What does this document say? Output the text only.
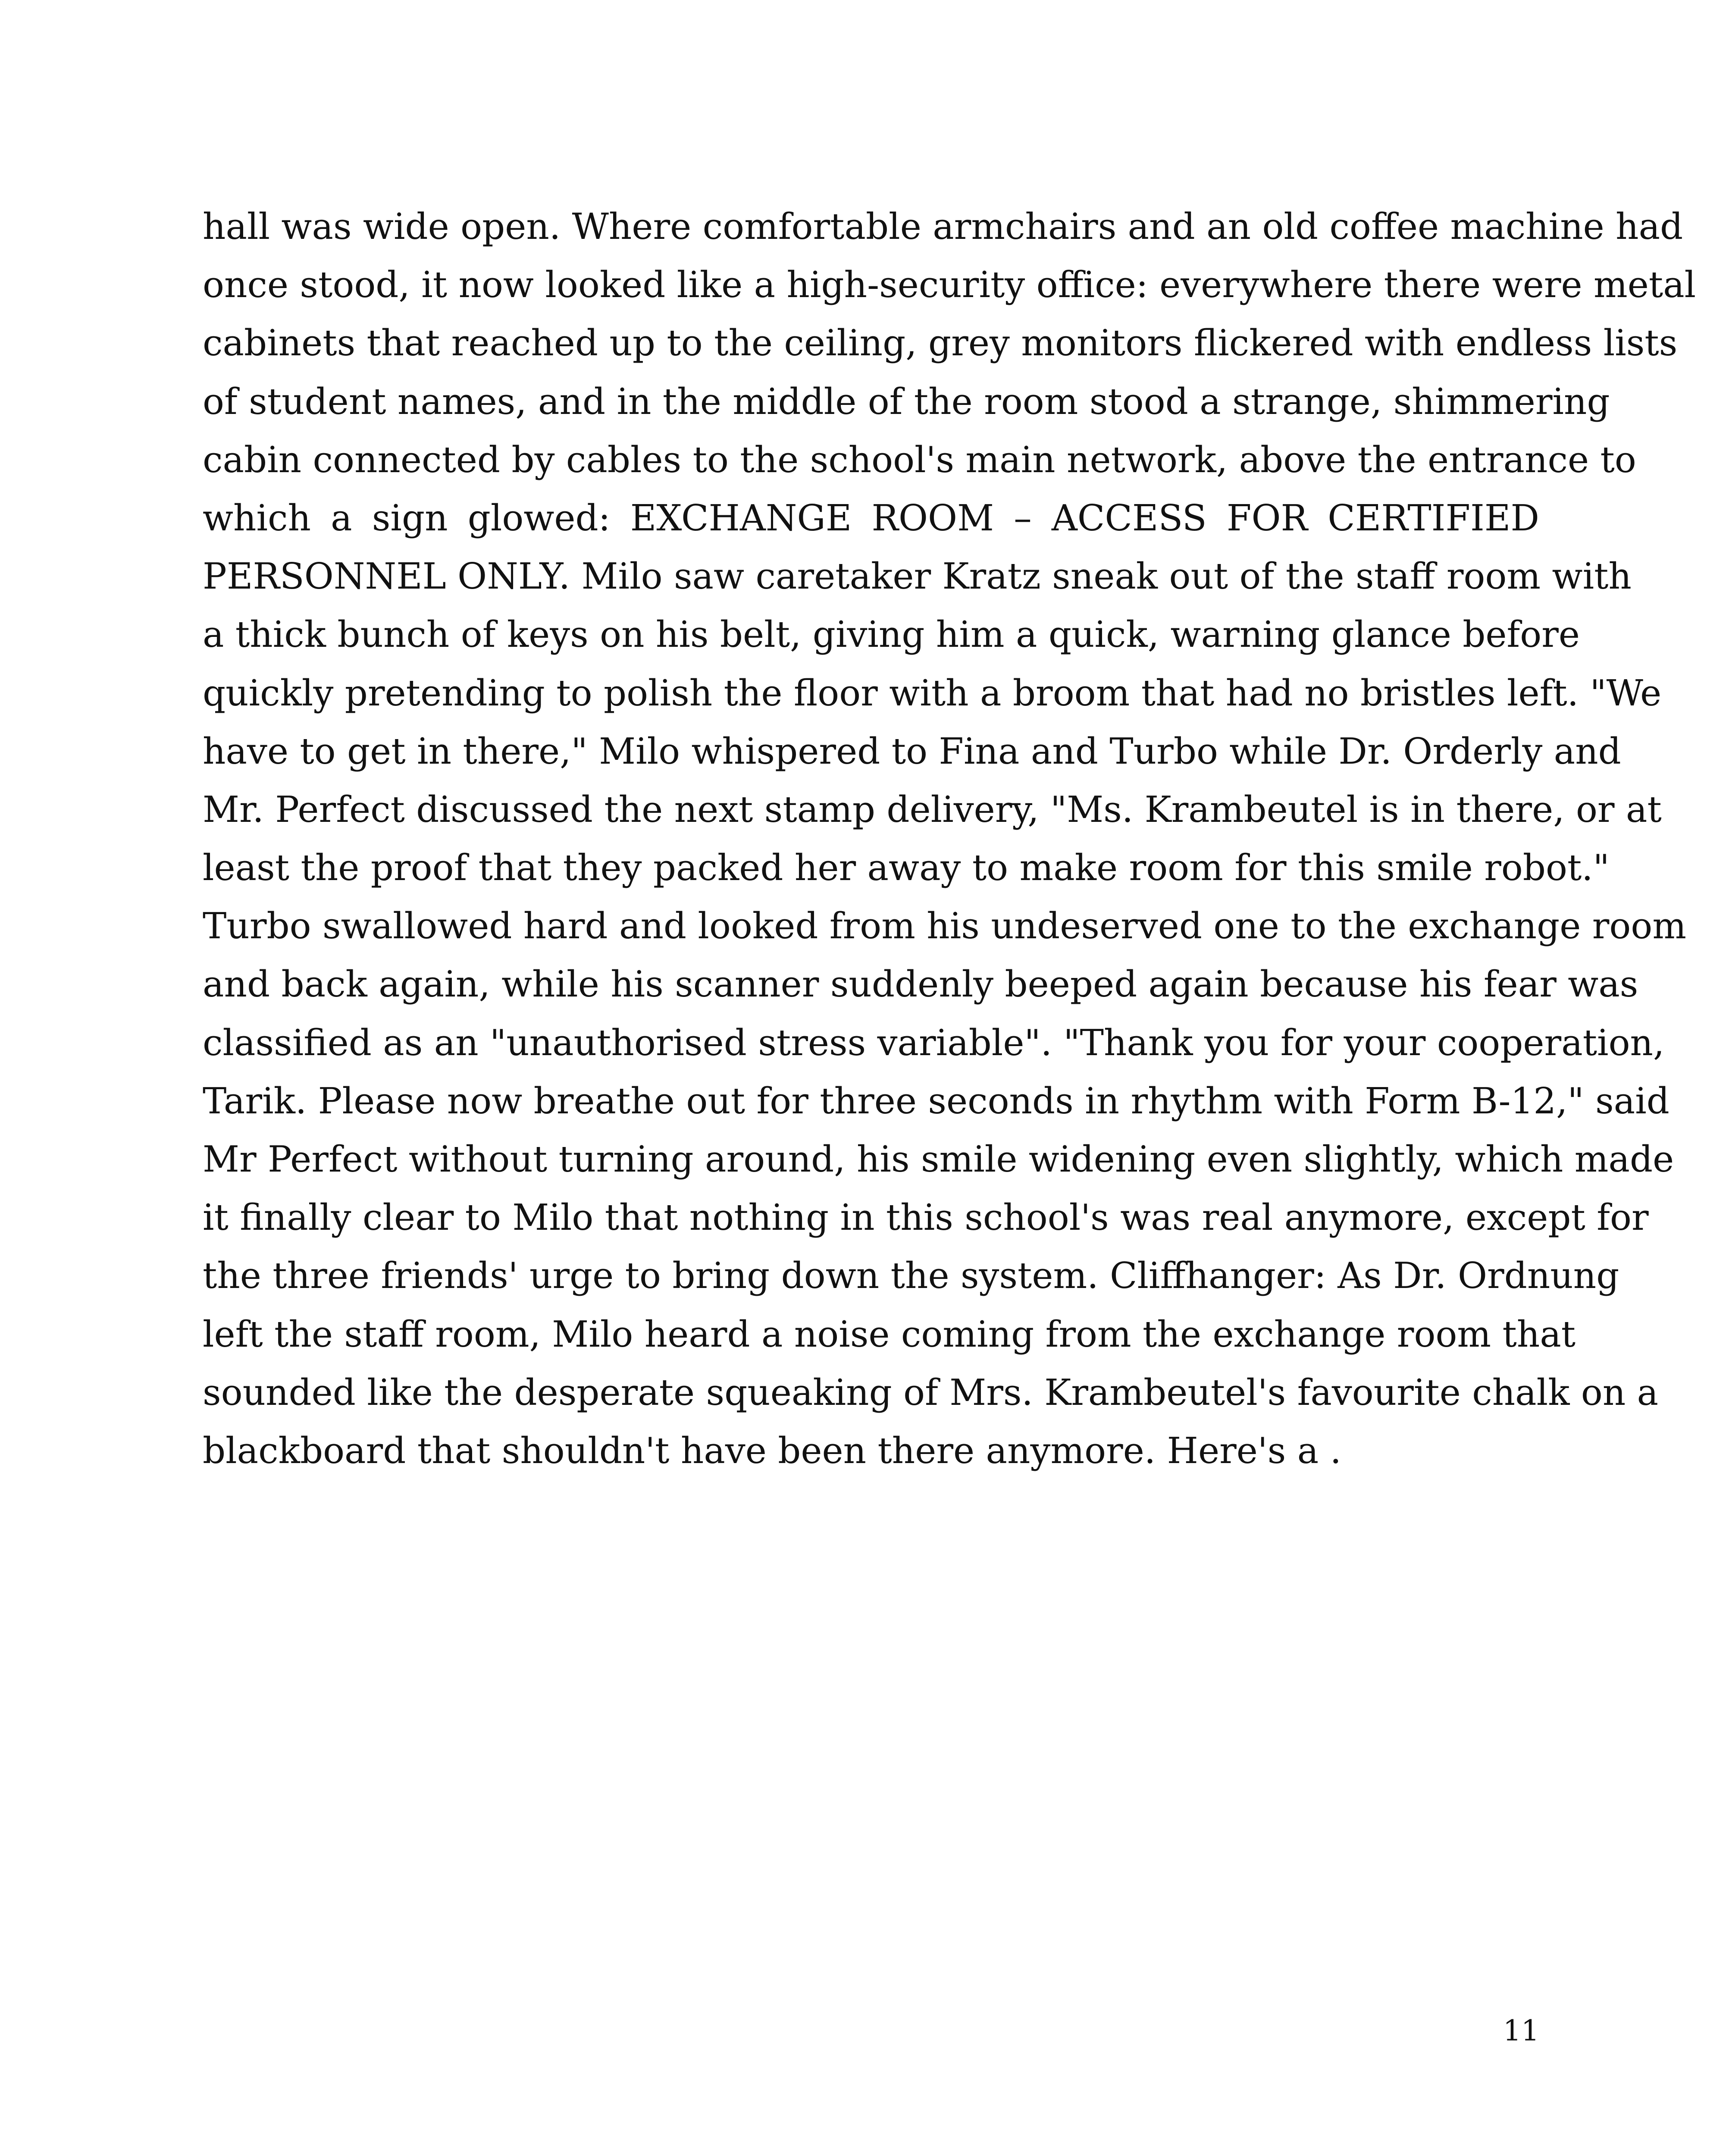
hall was wide open. Where comfortable armchairs and an old coffee machine had
once stood, it now looked like a high-security office: everywhere there were metal
cabinets that reached up to the ceiling, grey monitors flickered with endless lists
of student names, and in the middle of the room stood a strange, shimmering
cabin connected by cables to the school's main network, above the entrance to
which a sign glowed: EXCHANGE ROOM – ACCESS FOR CERTIFIED
PERSONNEL ONLY. Milo saw caretaker Kratz sneak out of the staff room with
a thick bunch of keys on his belt, giving him a quick, warning glance before
quickly pretending to polish the floor with a broom that had no bristles left. "We
have to get in there," Milo whispered to Fina and Turbo while Dr. Orderly and
Mr. Perfect discussed the next stamp delivery, "Ms. Krambeutel is in there, or at
least the proof that they packed her away to make room for this smile robot."
Turbo swallowed hard and looked from his undeserved one to the exchange room
and back again, while his scanner suddenly beeped again because his fear was
classified as an "unauthorised stress variable". "Thank you for your cooperation,
Tarik. Please now breathe out for three seconds in rhythm with Form B-12," said
Mr Perfect without turning around, his smile widening even slightly, which made
it finally clear to Milo that nothing in this school's was real anymore, except for
the three friends' urge to bring down the system. Cliffhanger: As Dr. Ordnung
left the staff room, Milo heard a noise coming from the exchange room that
sounded like the desperate squeaking of Mrs. Krambeutel's favourite chalk on a
blackboard that shouldn't have been there anymore. Here's a .
11
